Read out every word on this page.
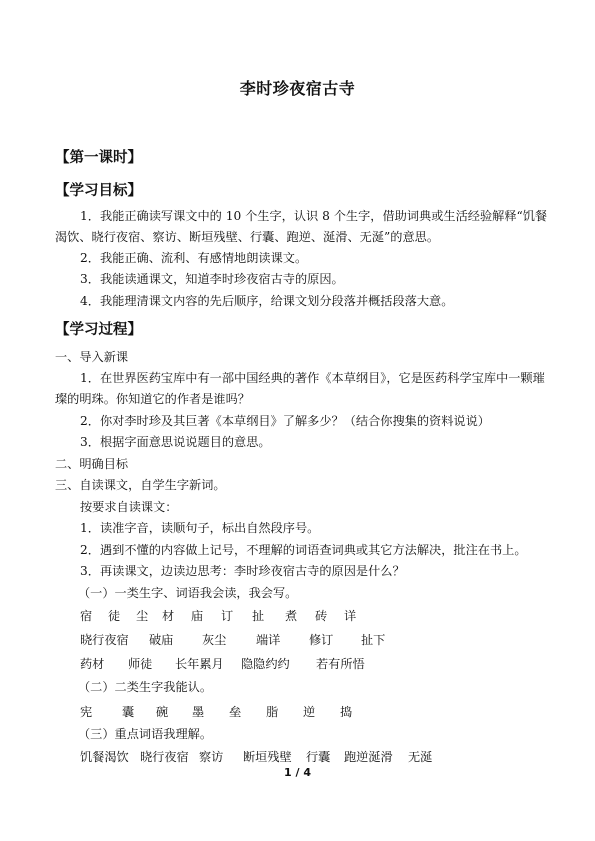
李时珍夜宿古寺
【第一课时】
【学习目标】
1．我能正确读写课文中的 10 个生字，认识 8 个生字，借助词典或生活经验解释“饥餐
渴饮、晓行夜宿、察访、断垣残壁、行囊、跑逆、涎滑、无涎”的意思。
2．我能正确、流利、有感情地朗读课文。
3．我能读通课文，知道李时珍夜宿古寺的原因。
4．我能理清课文内容的先后顺序，给课文划分段落并概括段落大意。
【学习过程】
一、导入新课
1．在世界医药宝库中有一部中国经典的著作《本草纲目》，它是医药科学宝库中一颗璀
璨的明珠。你知道它的作者是谁吗？
2．你对李时珍及其巨著《本草纲目》了解多少？（结合你搜集的资料说说）
3．根据字面意思说说题目的意思。
二、明确目标
三、自读课文，自学生字新词。
按要求自读课文：
1．读准字音，读顺句子，标出自然段序号。
2．遇到不懂的内容做上记号，不理解的词语查词典或其它方法解决，批注在书上。
3．再读课文，边读边思考：李时珍夜宿古寺的原因是什么？
（一）一类生字、词语我会读，我会写。
宿 徒 尘 材 庙 订 扯 煮 砖 详
晓行夜宿 破庙 灰尘 端详 修订 扯下
药材 师徒 长年累月 隐隐约约 若有所悟
（二）二类生字我能认。
宪 囊 碗 墨 垒 脂 逆 捣
（三）重点词语我理解。
饥餐渴饮 晓行夜宿 察访 断垣残壁 行囊 跑逆涎滑 无涎
1 / 4
